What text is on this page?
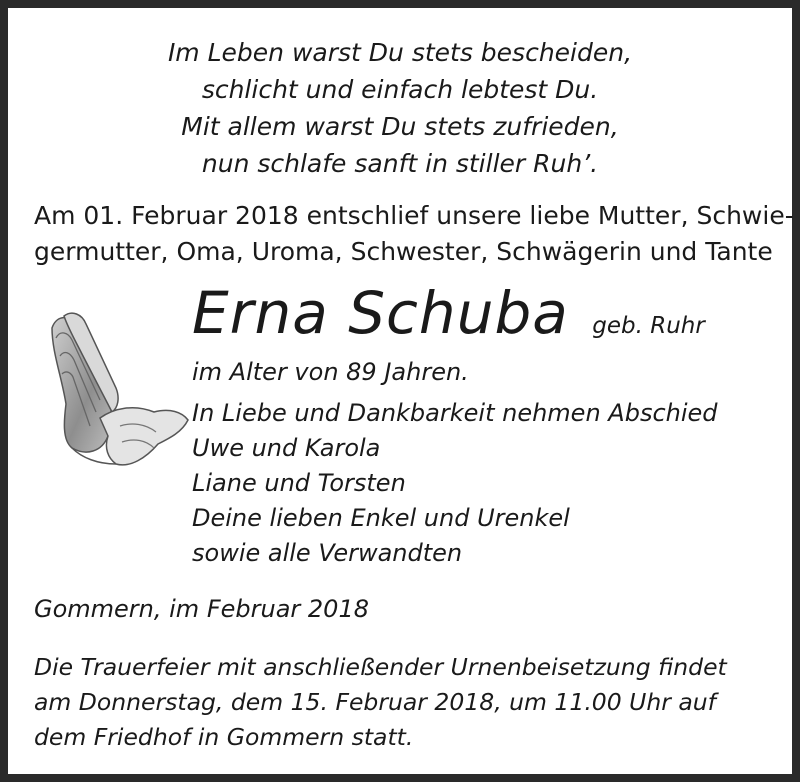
Im Leben warst Du stets bescheiden,
schlicht und einfach lebtest Du.
Mit allem warst Du stets zufrieden,
nun schlafe sanft in stiller Ruh’.
Am 01. Februar 2018 entschlief unsere liebe Mutter, Schwie-
germutter, Oma, Uroma, Schwester, Schwägerin und Tante
Erna Schuba geb. Ruhr
im Alter von 89 Jahren.
In Liebe und Dankbarkeit nehmen Abschied
Uwe und Karola
Liane und Torsten
Deine lieben Enkel und Urenkel
sowie alle Verwandten
Gommern, im Februar 2018
Die Trauerfeier mit anschließender Urnenbeisetzung findet
am Donnerstag, dem 15. Februar 2018, um 11.00 Uhr auf
dem Friedhof in Gommern statt.
